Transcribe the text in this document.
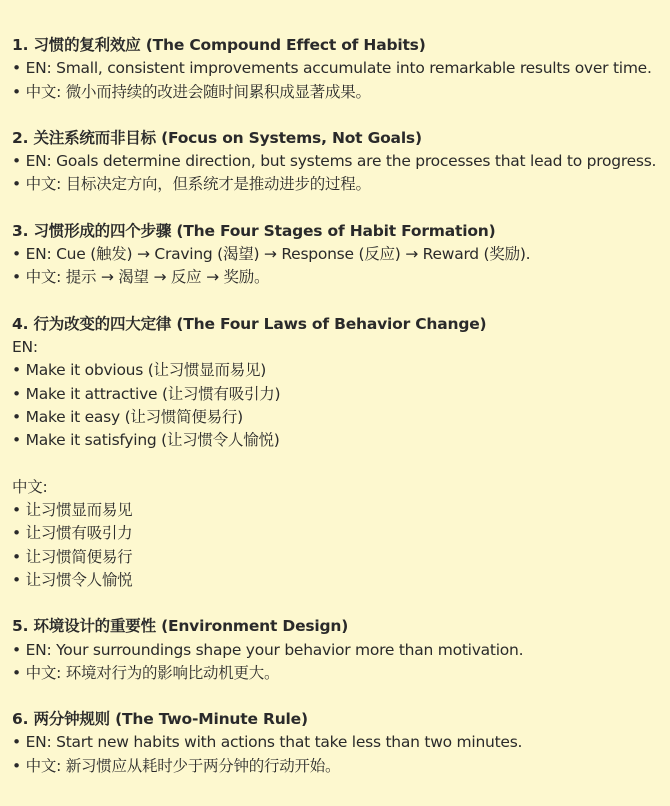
1. 习惯的复利效应 (The Compound Effect of Habits)
• EN: Small, consistent improvements accumulate into remarkable results over time.
• 中文: 微小而持续的改进会随时间累积成显著成果。
2. 关注系统而非目标 (Focus on Systems, Not Goals)
• EN: Goals determine direction, but systems are the processes that lead to progress.
• 中文: 目标决定方向，但系统才是推动进步的过程。
3. 习惯形成的四个步骤 (The Four Stages of Habit Formation)
• EN: Cue (触发) → Craving (渴望) → Response (反应) → Reward (奖励).
• 中文: 提示 → 渴望 → 反应 → 奖励。
4. 行为改变的四大定律 (The Four Laws of Behavior Change)
EN:
• Make it obvious (让习惯显而易见)
• Make it attractive (让习惯有吸引力)
• Make it easy (让习惯简便易行)
• Make it satisfying (让习惯令人愉悦)
中文:
• 让习惯显而易见
• 让习惯有吸引力
• 让习惯简便易行
• 让习惯令人愉悦
5. 环境设计的重要性 (Environment Design)
• EN: Your surroundings shape your behavior more than motivation.
• 中文: 环境对行为的影响比动机更大。
6. 两分钟规则 (The Two-Minute Rule)
• EN: Start new habits with actions that take less than two minutes.
• 中文: 新习惯应从耗时少于两分钟的行动开始。
